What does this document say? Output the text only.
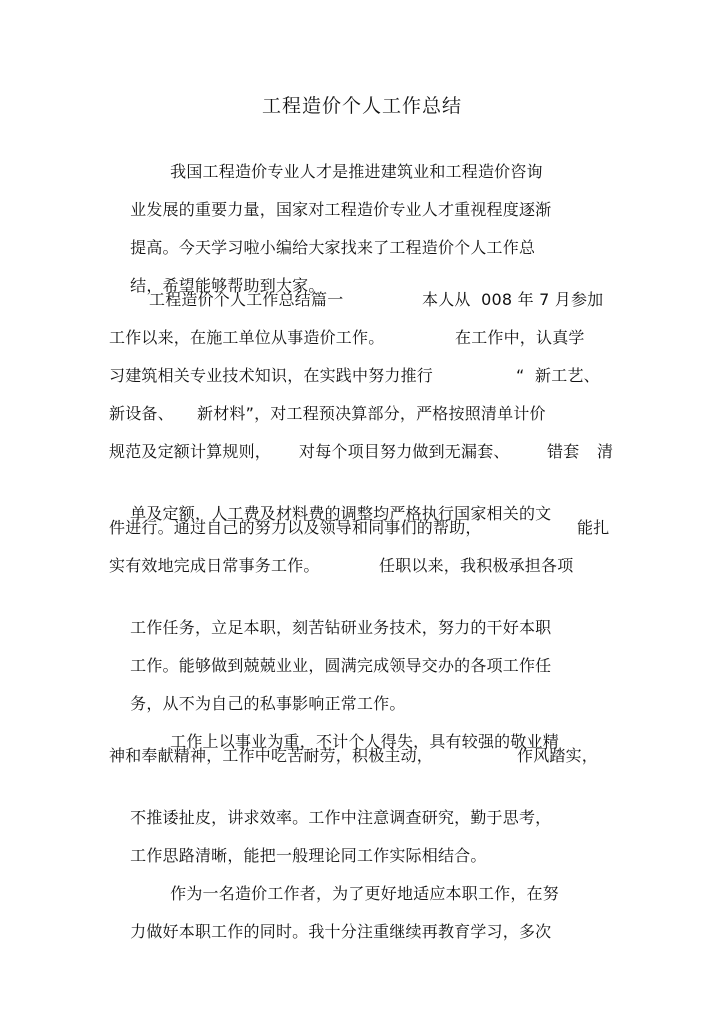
工程造价个人工作总结

我国工程造价专业人才是推进建筑业和工程造价咨询

业发展的重要力量，国家对工程造价专业人才重视程度逐渐

提高。今天学习啦小编给大家找来了工程造价个人工作总

结，希望能够帮助到大家。

工程造价个人工作总结篇一

	本人从  008 年 7 月参加

工作以来，在施工单位从事造价工作。

	在工作中，认真学

习建筑相关专业技术知识，在实践中努力推行

	“  新工艺、

新设备、

新材料”，对工程预决算部分，严格按照清单计价

规范及定额计算规则，

对每个项目努力做到无漏套、

错套

清

单及定额，人工费及材料费的调整均严格执行国家相关的文

件进行。通过自己的努力以及领导和同事们的帮助，

	能扎

实有效地完成日常事务工作。

	任职以来，我积极承担各项

工作任务，立足本职，刻苦钻研业务技术，努力的干好本职

工作。能够做到兢兢业业，圆满完成领导交办的各项工作任

务，从不为自己的私事影响正常工作。

工作上以事业为重，不计个人得失，具有较强的敬业精

神和奉献精神，工作中吃苦耐劳，积极主动，

	作风踏实，

不推诿扯皮，讲求效率。工作中注意调查研究，勤于思考，

工作思路清晰，能把一般理论同工作实际相结合。

作为一名造价工作者，为了更好地适应本职工作，在努

力做好本职工作的同时。我十分注重继续再教育学习，多次
